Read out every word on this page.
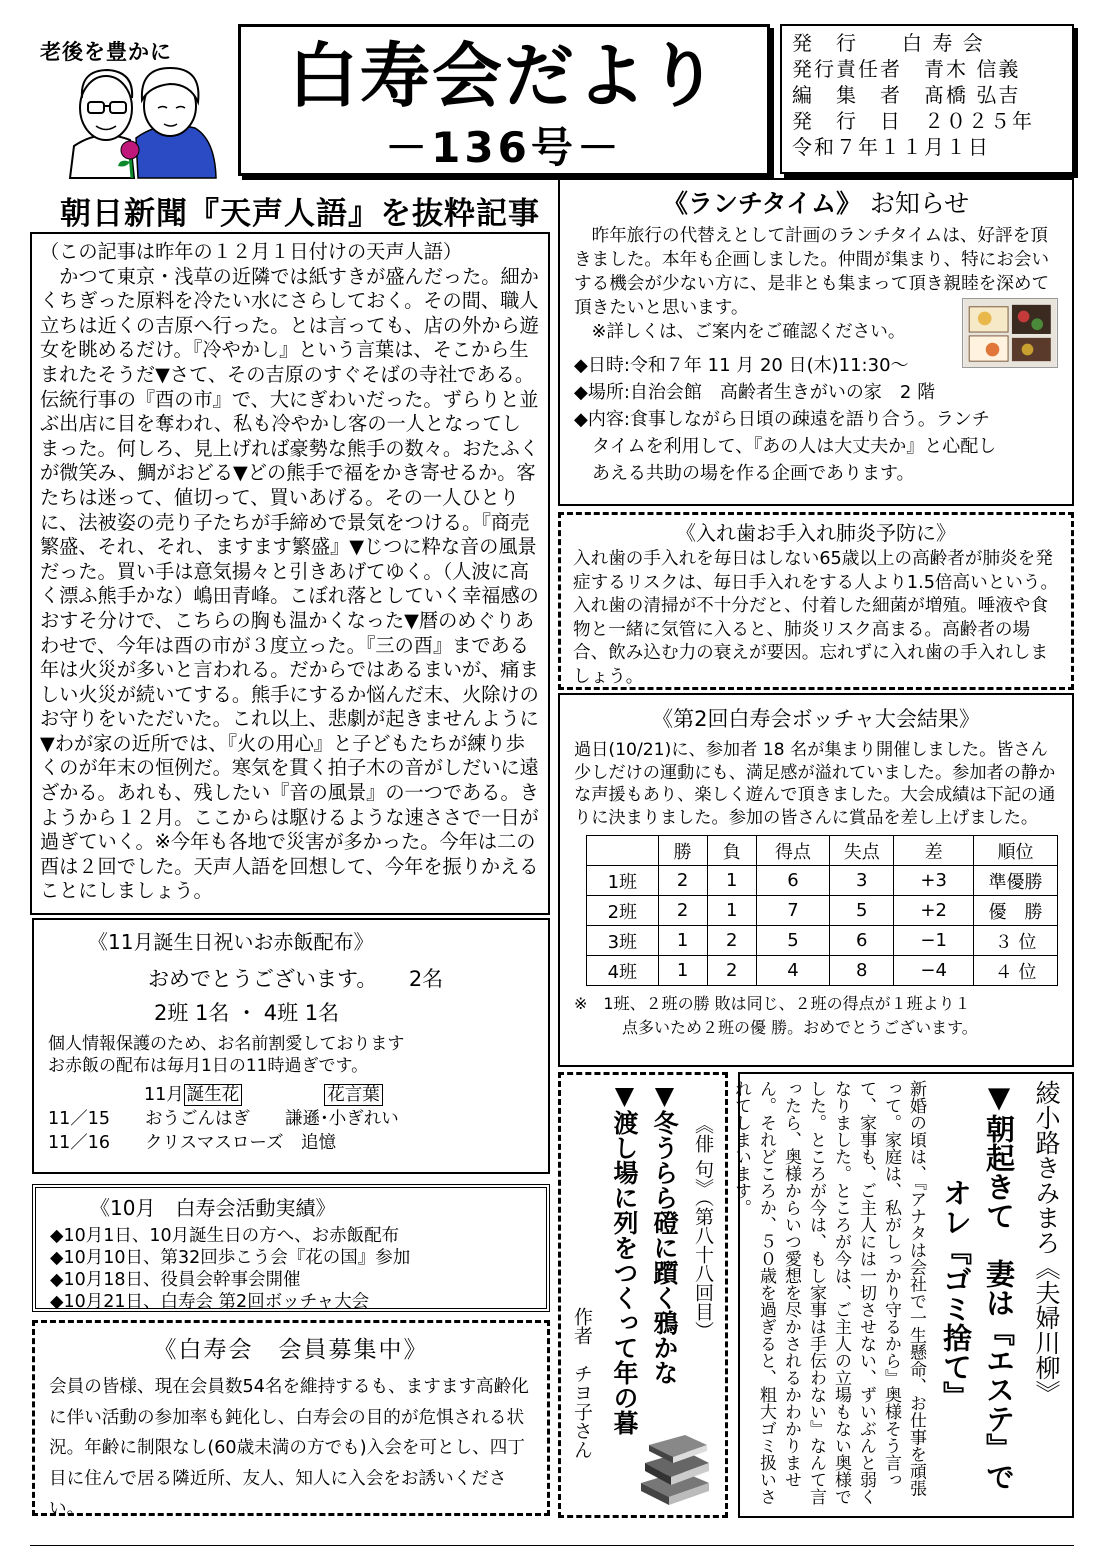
老後を豊かに	白寿会だより
－136号－
発　行　　白 寿 会
発行責任者　青木 信義
編　集　者　髙橋 弘吉
発　行　日　２０２５年
令和７年１１月１日
朝日新聞『天声人語』を抜粋記事
（この記事は昨年の１２月１日付けの天声人語）
　かつて東京・浅草の近隣では紙すきが盛んだった。細かくちぎった原料を冷たい水にさらしておく。その間、職人立ちは近くの吉原へ行った。とは言っても、店の外から遊女を眺めるだけ。『冷やかし』という言葉は、そこから生まれたそうだ▼さて、その吉原のすぐそばの寺社である。伝統行事の『酉の市』で、大にぎわいだった。ずらりと並ぶ出店に目を奪われ、私も冷やかし客の一人となってしまった。何しろ、見上げれば豪勢な熊手の数々。おたふくが微笑み、鯛がおどる▼どの熊手で福をかき寄せるか。客たちは迷って、値切って、買いあげる。その一人ひとりに、法被姿の売り子たちが手締めで景気をつける。『商売繁盛、それ、それ、ますます繁盛』▼じつに粋な音の風景だった。買い手は意気揚々と引きあげてゆく。（人波に高く漂ふ熊手かな）嶋田青峰。こぼれ落としていく幸福感のおすそ分けで、こちらの胸も温かくなった▼暦のめぐりあわせで、今年は酉の市が３度立った。『三の酉』まである年は火災が多いと言われる。だからではあるまいが、痛ましい火災が続いてする。熊手にするか悩んだ末、火除けのお守りをいただいた。これ以上、悲劇が起きませんように▼わが家の近所では、『火の用心』と子どもたちが練り歩くのが年末の恒例だ。寒気を貫く拍子木の音がしだいに遠ざかる。あれも、残したい『音の風景』の一つである。きようから１２月。ここからは駆けるような速ささで一日が過ぎていく。※今年も各地で災害が多かった。今年は二の酉は２回でした。天声人語を回想して、今年を振りかえることにしましょう。
《ランチタイム》 お知らせ
　昨年旅行の代替えとして計画のランチタイムは、好評を頂きました。本年も企画しました。仲間が集まり、特にお会いする機会が少ない方に、是非とも集まって頂き親睦を深めて頂きたいと思います。
　※詳しくは、ご案内をご確認ください。
◆日時:令和７年 11 月 20 日(木)11:30〜
◆場所:自治会館　高齢者生きがいの家　2 階
◆内容:食事しながら日頃の疎遠を語り合う。ランチ
　タイムを利用して、『あの人は大丈夫か』と心配し
　あえる共助の場を作る企画であります。
《入れ歯お手入れ肺炎予防に》
入れ歯の手入れを毎日はしない65歳以上の高齢者が肺炎を発症するリスクは、毎日手入れをする人より1.5倍高いという。入れ歯の清掃が不十分だと、付着した細菌が増殖。唾液や食物と一緒に気管に入ると、肺炎リスク高まる。高齢者の場合、飲み込む力の衰えが要因。忘れずに入れ歯の手入れしましょう。
《第2回白寿会ボッチャ大会結果》
過日(10/21)に、参加者 18 名が集まり開催しました。皆さん少しだけの運動にも、満足感が溢れていました。参加者の静かな声援もあり、楽しく遊んで頂きました。大会成績は下記の通りに決まりました。参加の皆さんに賞品を差し上げました。
	勝	負	得点	失点	差	順位
1班	2	1	6	3	+3	準優勝
2班	2	1	7	5	+2	優　勝
3班	1	2	5	6	−1	３ 位
4班	1	2	4	8	−4	４ 位
※　1班、２班の勝 敗は同じ、２班の得点が１班より１
　　　点多いため２班の優 勝。おめでとうございます。
《11月誕生日祝いお赤飯配布》
おめでとうございます。　　2名
2班 1名 ・ 4班 1名
個人情報保護のため、お名前割愛しております
お赤飯の配布は毎月1日の11時過ぎです。
11月 誕生花	花言葉
11／15　　おうごんはぎ　　謙遜･小ぎれい
11／16　　クリスマスローズ　追憶
《10月　白寿会活動実績》
◆10月1日、10月誕生日の方へ、お赤飯配布
◆10月10日、第32回歩こう会『花の国』参加
◆10月18日、役員会幹事会開催
◆10月21日、白寿会 第2回ボッチャ大会
《白寿会　会員募集中》
会員の皆様、現在会員数54名を維持するも、ますます高齢化に伴い活動の参加率も鈍化し、白寿会の目的が危惧される状況。年齢に制限なし(60歳未満の方でも)入会を可とし、四丁目に住んで居る隣近所、友人、知人に入会をお誘いください。
《俳 句》（第八十八回目）
▼冬うらら磴に躓く鴉かな
▼渡し場に列をつくって年の暮
作者　チヨ子さん	綾小路きみまろ《夫婦川柳》
▼朝起きて　妻は『エステ』で
オレ『ゴミ捨て』
新婚の頃は、『アナタは会社で一生懸命、お仕事を頑張って。家庭は、私がしっかり守るから』奥様そう言って、家事も、ご主人には一切させない、ずいぶんと弱くなりました。ところが今は、ご主人の立場もない奥様でした。ところが今は、もし家事は手伝わない』なんて言ったら、奥様からいつ愛想を尽かされるかわかりません。それどころか、５０歳を過ぎると、粗大ゴミ扱いされてしまいます。
